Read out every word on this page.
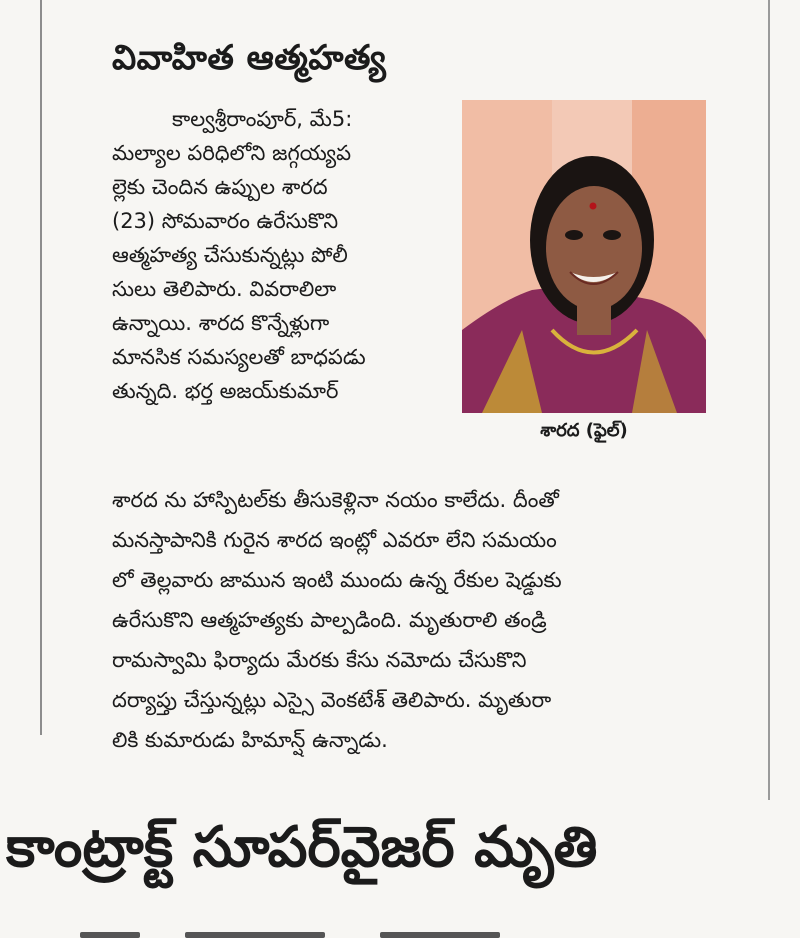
వివాహిత ఆత్మహత్య

కాల్వశ్రీరాంపూర్, మే5:

మల్యాల పరిధిలోని జగ్గయ్యప

ల్లెకు చెందిన ఉప్పుల శారద

(23) సోమవారం ఉరేసుకొని

ఆత్మహత్య చేసుకున్నట్లు పోలీ

సులు తెలిపారు. వివరాలిలా

ఉన్నాయి. శారద కొన్నేళ్లుగా

మానసిక సమస్యలతో బాధపడు

తున్నది. భర్త అజయ్‌కుమార్

శారద (ఫైల్)

శారద ను హాస్పిటల్‌కు తీసుకెళ్లినా నయం కాలేదు. దీంతో

మనస్తాపానికి గురైన శారద ఇంట్లో ఎవరూ లేని సమయం

లో తెల్లవారు జామున ఇంటి ముందు ఉన్న రేకుల షెడ్డుకు

ఉరేసుకొని ఆత్మహత్యకు పాల్పడింది. మృతురాలి తండ్రి

రామస్వామి ఫిర్యాదు మేరకు కేసు నమోదు చేసుకొని

దర్యాప్తు చేస్తున్నట్లు ఎస్సై వెంకటేశ్ తెలిపారు. మృతురా

లికి కుమారుడు హిమాన్ష్ ఉన్నాడు.

కాంట్రాక్ట్ సూపర్‌వైజర్ మృతి
